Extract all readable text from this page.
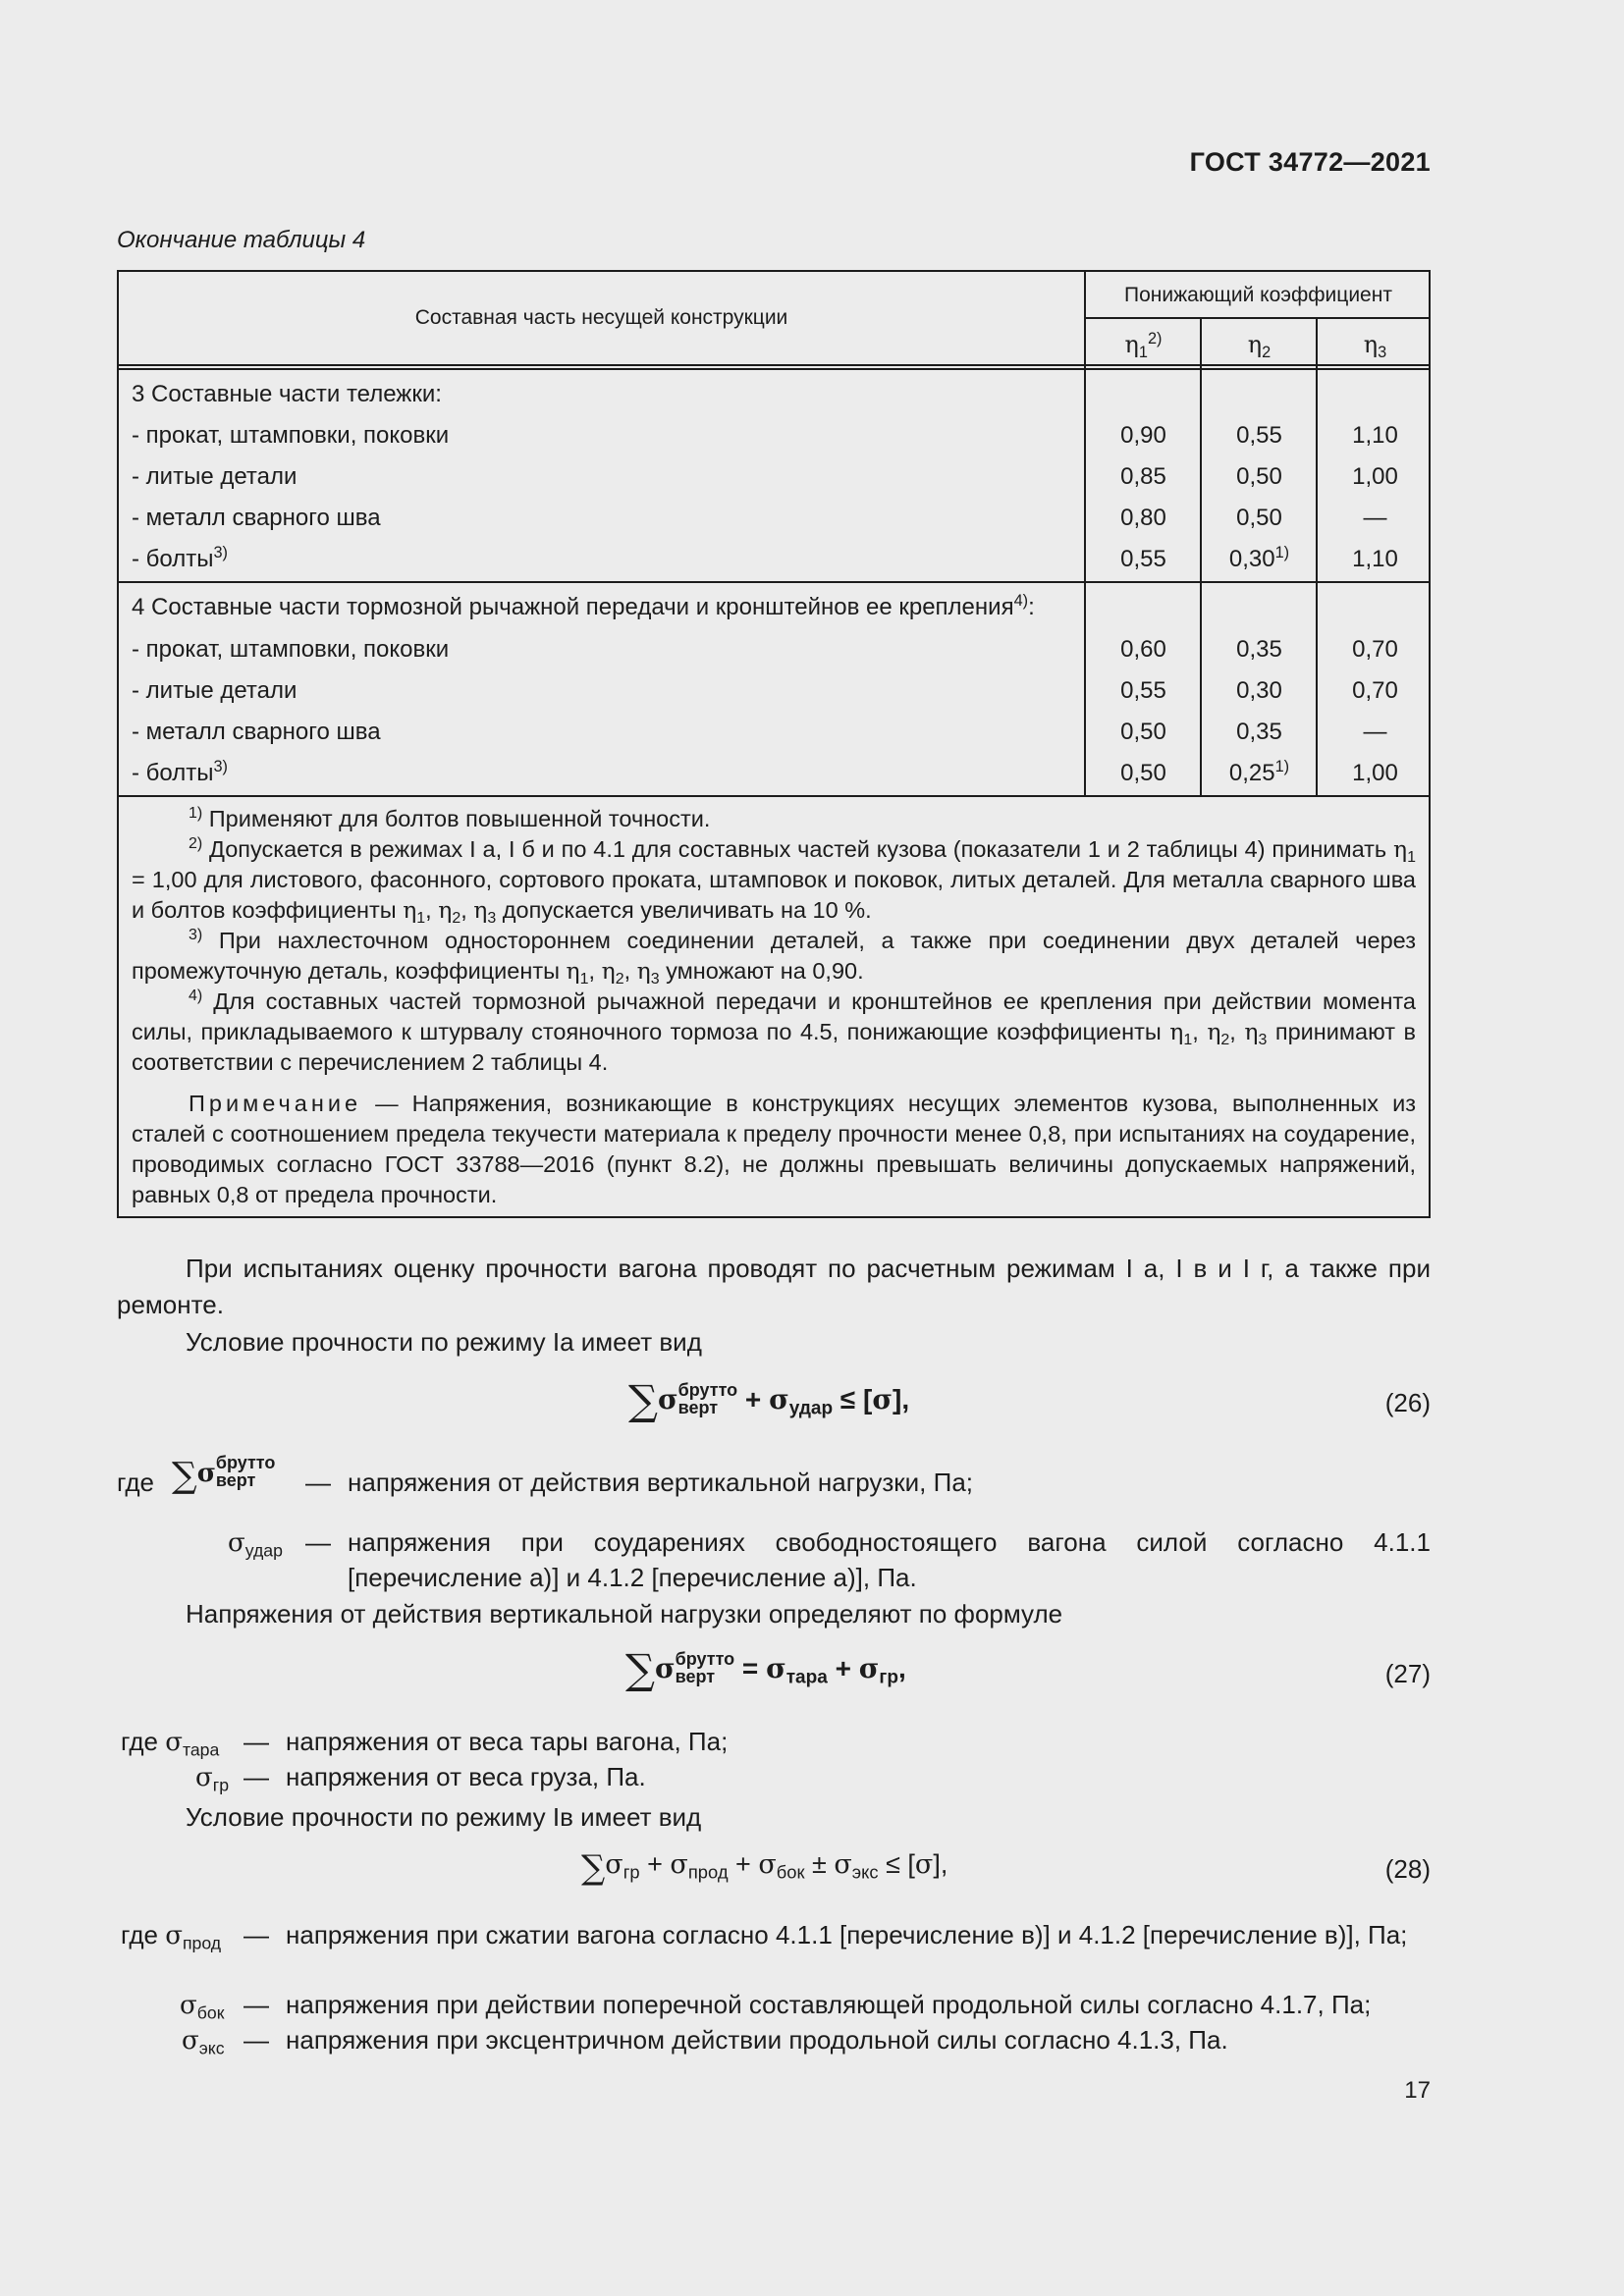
ГОСТ 34772—2021
Окончание таблицы 4
Составная часть несущей конструкции
Понижающий коэффициент
$\eta_1^{2)}$	$\eta_2$	$\eta_3$
3 Составные части тележки:
- прокат, штамповки, поковки	0,90	0,55	1,10
- литые детали	0,85	0,50	1,00
- металл сварного шва	0,80	0,50	—
- болты$^{3)}$	0,55	0,30$^{1)}$	1,10
4 Составные части тормозной рычажной передачи и кронштейнов ее крепления$^{4)}$:
- прокат, штамповки, поковки	0,60	0,35	0,70
- литые детали	0,55	0,30	0,70
- металл сварного шва	0,50	0,35	—
- болты$^{3)}$	0,50	0,25$^{1)}$	1,00

$^{1)}$ Применяют для болтов повышенной точности.

$^{2)}$ Допускается в режимах I а, I б и по 4.1 для составных частей кузова (показатели 1 и 2 таблицы 4) принимать $\eta_1 = 1,00$ для листового, фасонного, сортового проката, штамповок и поковок, литых деталей. Для металла сварного шва и болтов коэффициенты $\eta_1$, $\eta_2$, $\eta_3$ допускается увеличивать на 10 %.

$^{3)}$ При нахлесточном одностороннем соединении деталей, а также при соединении двух деталей через промежуточную деталь, коэффициенты $\eta_1$, $\eta_2$, $\eta_3$ умножают на 0,90.

$^{4)}$ Для составных частей тормозной рычажной передачи и кронштейнов ее крепления при действии момента силы, прикладываемого к штурвалу стояночного тормоза по 4.5, понижающие коэффициенты $\eta_1$, $\eta_2$, $\eta_3$ принимают в соответствии с перечислением 2 таблицы 4.

Примечание — Напряжения, возникающие в конструкциях несущих элементов кузова, выполненных из сталей с соотношением предела текучести материала к пределу прочности менее 0,8, при испытаниях на соударение, проводимых согласно ГОСТ 33788—2016 (пункт 8.2), не должны превышать величины допускаемых напряжений, равных 0,8 от предела прочности.

При испытаниях оценку прочности вагона проводят по расчетным режимам I а, I в и I г, а также при ремонте.
Условие прочности по режиму Iа имеет вид
∑σ брутто
верт + $\sigma_{удар} \le [\sigma]$,	(26)
где ∑σ брутто
верт	— напряжения от действия вертикальной нагрузки, Па;
$\sigma_{удар}$ — напряжения при соударениях свободностоящего вагона силой согласно 4.1.1 [перечисление а)] и 4.1.2 [перечисление а)], Па.
Напряжения от действия вертикальной нагрузки определяют по формуле
∑σ брутто
верт = $\sigma_{тара} + \sigma_{гр}$,	(27)
где $\sigma_{тара}$ — напряжения от веса тары вагона, Па;
$\sigma_{гр}$ — напряжения от веса груза, Па.
Условие прочности по режиму Iв имеет вид
$\sum\sigma_{гр} + \sigma_{прод} + \sigma_{бок} \pm \sigma_{экс} \le [\sigma]$,	(28)
где $\sigma_{прод}$ — напряжения при сжатии вагона согласно 4.1.1 [перечисление в)] и 4.1.2 [перечисление в)], Па;
$\sigma_{бок}$ — напряжения при действии поперечной составляющей продольной силы согласно 4.1.7, Па;
$\sigma_{экс}$ — напряжения при эксцентричном действии продольной силы согласно 4.1.3, Па.
17
